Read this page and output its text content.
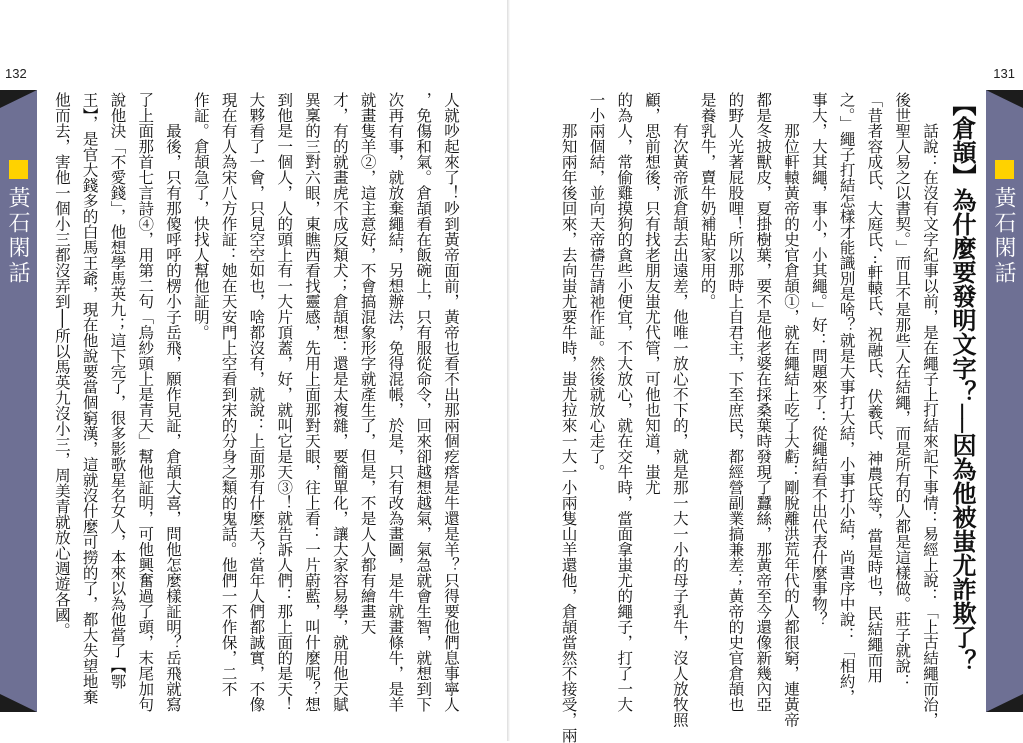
132
黃石閑話	人就吵起來了！吵到黃帝面前，黃帝也看不出那兩個疙瘩是牛還是羊？只得要他們息事寧人
，免傷和氣。倉頡看在飯碗上，只有服從命令，回來卻越想越氣，氣急就會生智，就想到下
次再有事，就放棄繩結，另想辦法，免得混帳，於是，只有改為畫圖，是牛就畫條牛，是羊
就畫隻羊②，這主意好，不會搞混象形字就產生了，但是，不是人人都有繪畫天
才，有的就畫虎不成反類犬；倉頡想：還是太複雜，要簡單化，讓大家容易學，就用他天賦
異稟的三對六眼，東瞧西看找靈感，先用上面那對天眼，往上看：一片蔚藍，叫什麼呢？想
到他是一個人，人的頭上有一大片頂蓋，好，就叫它是天③！就告訴人們：那上面的是天！
大夥看了一會，只見空空如也，啥都沒有，就說：上面那有什麼天？當年人們都誠實，不像
現在有人為宋八方作証：她在天安門上空看到宋的分身之類的鬼話。他們一不作保，二不
作証。倉頡急了，快找人幫他証明。
　　最後，只有那傻呼呼的楞小子岳飛，願作見証，倉頡大喜，問他怎麼樣証明？岳飛就寫
了上面那首七言詩④，用第二句「烏紗頭上是青天」幫他証明，可他興奮過了頭，末尾加句
說他決「不愛錢」，他想學馬英九；這下完了，很多影歌星名女人，本來以為他當了【鄂
王】，是官大錢多的白馬王爺，現在他說要當個窮漢，這就沒什麼可撈的了，都大失望地棄
他而去，害他一個小三都沒弄到──所以馬英九沒小三，周美青就放心週遊各國。
131
黃石閑話
【倉頡】為什麼要發明文字？──因為他被蚩尤詐欺了？
　　話說：在沒有文字紀事以前，是在繩子上打結來記下事情：易經上說：「上古結繩而治，
後世聖人易之以書契。」而且不是那些人在結繩，而是所有的人都是這樣做。莊子就說：
「昔者容成氏、大庭氏、‧‧軒轅氏、祝融氏、伏羲氏、神農氏等，當是時也，民結繩而用
之。」繩子打結怎樣才能識別是啥？就是大事打大結，小事打小結，尚書序中說：「相約，
事大，大其繩，事小，小其繩。」好：問題來了：從繩結看不出代表什麼事物？
　　那位軒轅黃帝的史官倉頡①，就在繩結上吃了大虧：剛脫離洪荒年代的人都很窮，連黃帝
都是冬披獸皮，夏掛樹葉，要不是他老婆在採桑葉時發現了蠶絲，那黃帝至今還像新幾內亞
的野人光著屁股哩！所以那時上自君主，下至庶民，都經營副業搞兼差；黃帝的史官倉頡也
是養乳牛，賣牛奶補貼家用的。
　　有次黃帝派倉頡去出遠差，他唯一放心不下的，就是那一大一小的母子乳牛，沒人放牧照
顧，思前想後，只有找老朋友蚩尤代管，可他也知道，蚩尤
的為人，常偷雞摸狗的貪些小便宜，不大放心，就在交牛時，當面拿蚩尤的繩子，打了一大
一小兩個結，並向天帝禱告請祂作証。然後就放心走了。
　　那知兩年後回來，去向蚩尤要牛時，蚩尤拉來一大一小兩隻山羊還他，倉頡當然不接受，兩
